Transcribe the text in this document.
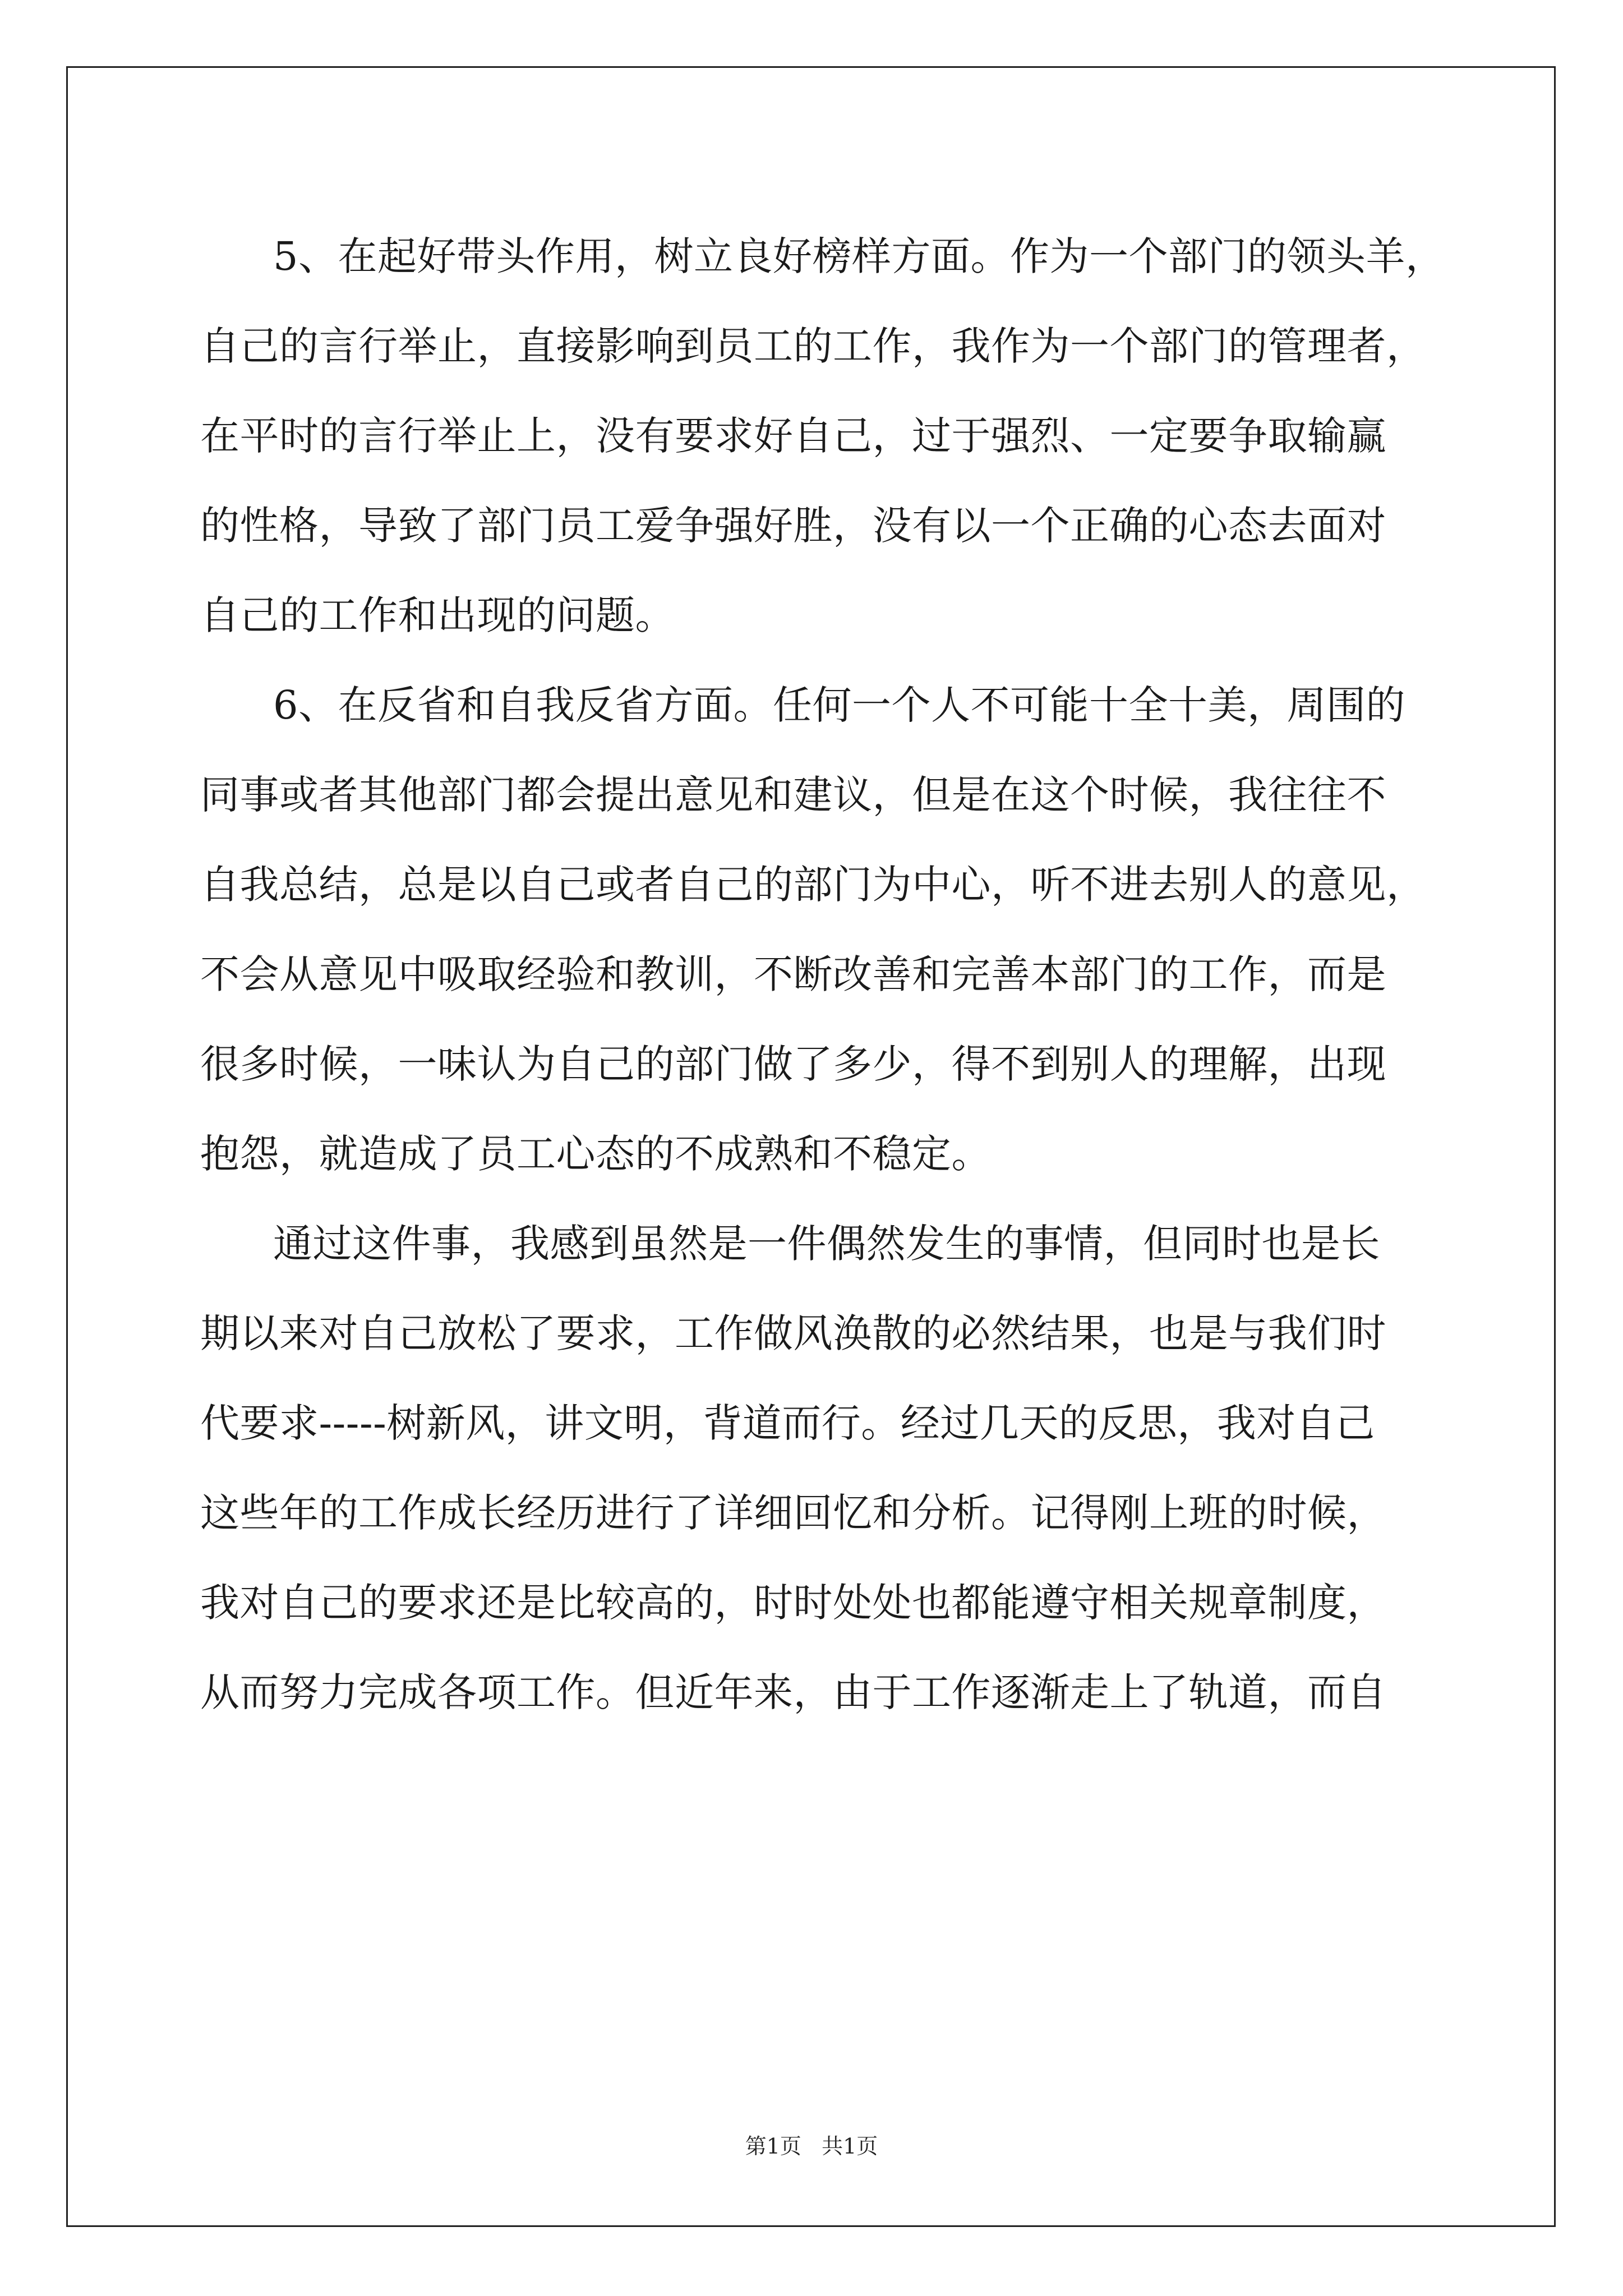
5、在起好带头作用，树立良好榜样方面。作为一个部门的领头羊，
自己的言行举止，直接影响到员工的工作，我作为一个部门的管理者，
在平时的言行举止上，没有要求好自己，过于强烈、一定要争取输赢
的性格，导致了部门员工爱争强好胜，没有以一个正确的心态去面对
自己的工作和出现的问题。
6、在反省和自我反省方面。任何一个人不可能十全十美，周围的
同事或者其他部门都会提出意见和建议，但是在这个时候，我往往不
自我总结，总是以自己或者自己的部门为中心，听不进去别人的意见，
不会从意见中吸取经验和教训，不断改善和完善本部门的工作，而是
很多时候，一味认为自己的部门做了多少，得不到别人的理解，出现
抱怨，就造成了员工心态的不成熟和不稳定。
通过这件事，我感到虽然是一件偶然发生的事情，但同时也是长
期以来对自己放松了要求，工作做风涣散的必然结果，也是与我们时
代要求-----树新风，讲文明，背道而行。经过几天的反思，我对自己
这些年的工作成长经历进行了详细回忆和分析。记得刚上班的时候，
我对自己的要求还是比较高的，时时处处也都能遵守相关规章制度，
从而努力完成各项工作。但近年来，由于工作逐渐走上了轨道，而自
第1页   共1页
